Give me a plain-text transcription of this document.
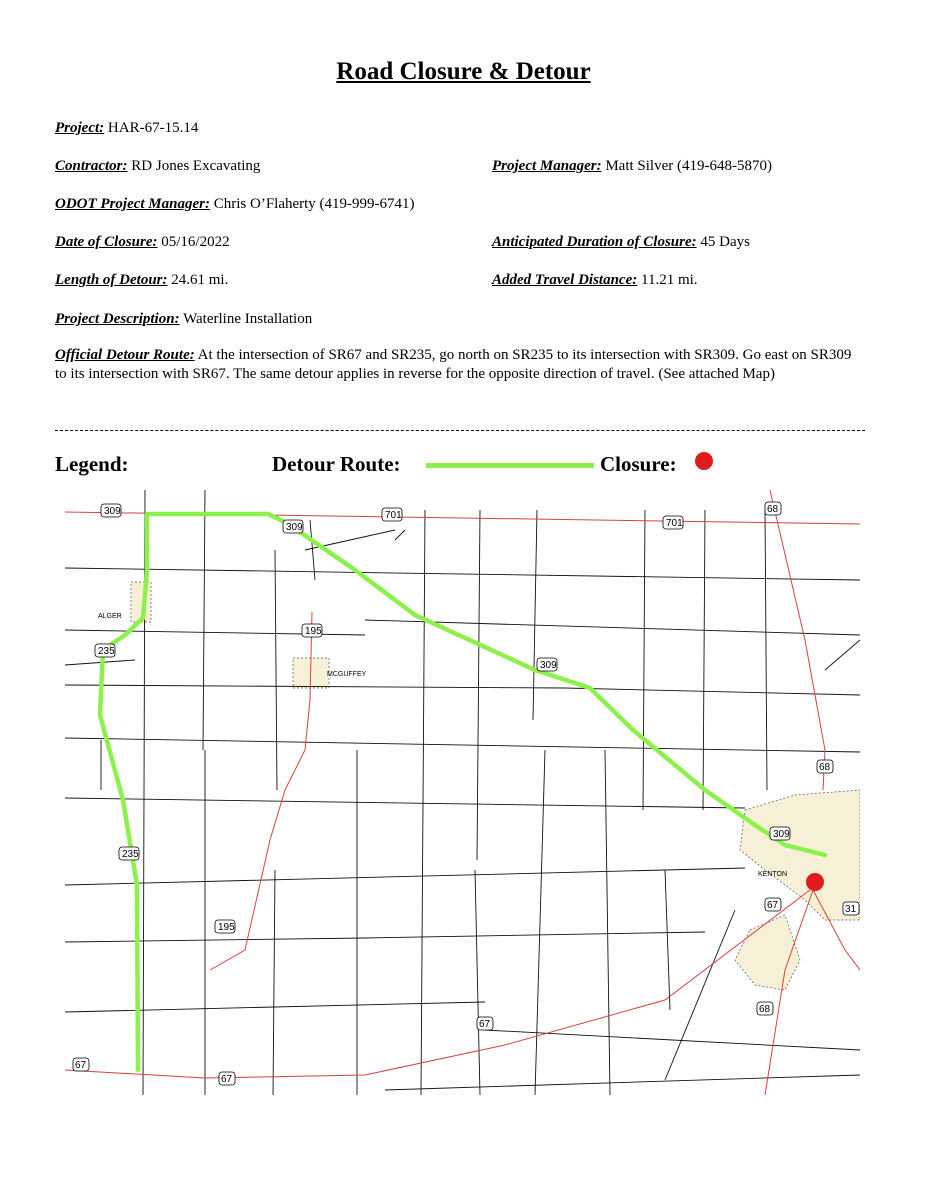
Road Closure & Detour
Project: HAR-67-15.14
Contractor: RD Jones Excavating	Project Manager: Matt Silver (419-648-5870)
ODOT Project Manager: Chris O’Flaherty (419-999-6741)
Date of Closure: 05/16/2022	Anticipated Duration of Closure: 45 Days
Length of Detour: 24.61 mi.	Added Travel Distance: 11.21 mi.
Project Description: Waterline Installation
Official Detour Route: At the intersection of SR67 and SR235, go north on SR235 to its intersection with SR309. Go east on SR309 to its intersection with SR67. The same detour applies in reverse for the opposite direction of travel. (See attached Map)
Legend:	Detour Route:	Closure:
ALGER
MCGUFFEY
KENTON
309
309
309
309
701
701
68
68
68
195
195
235
235
67
67
67
67
31
